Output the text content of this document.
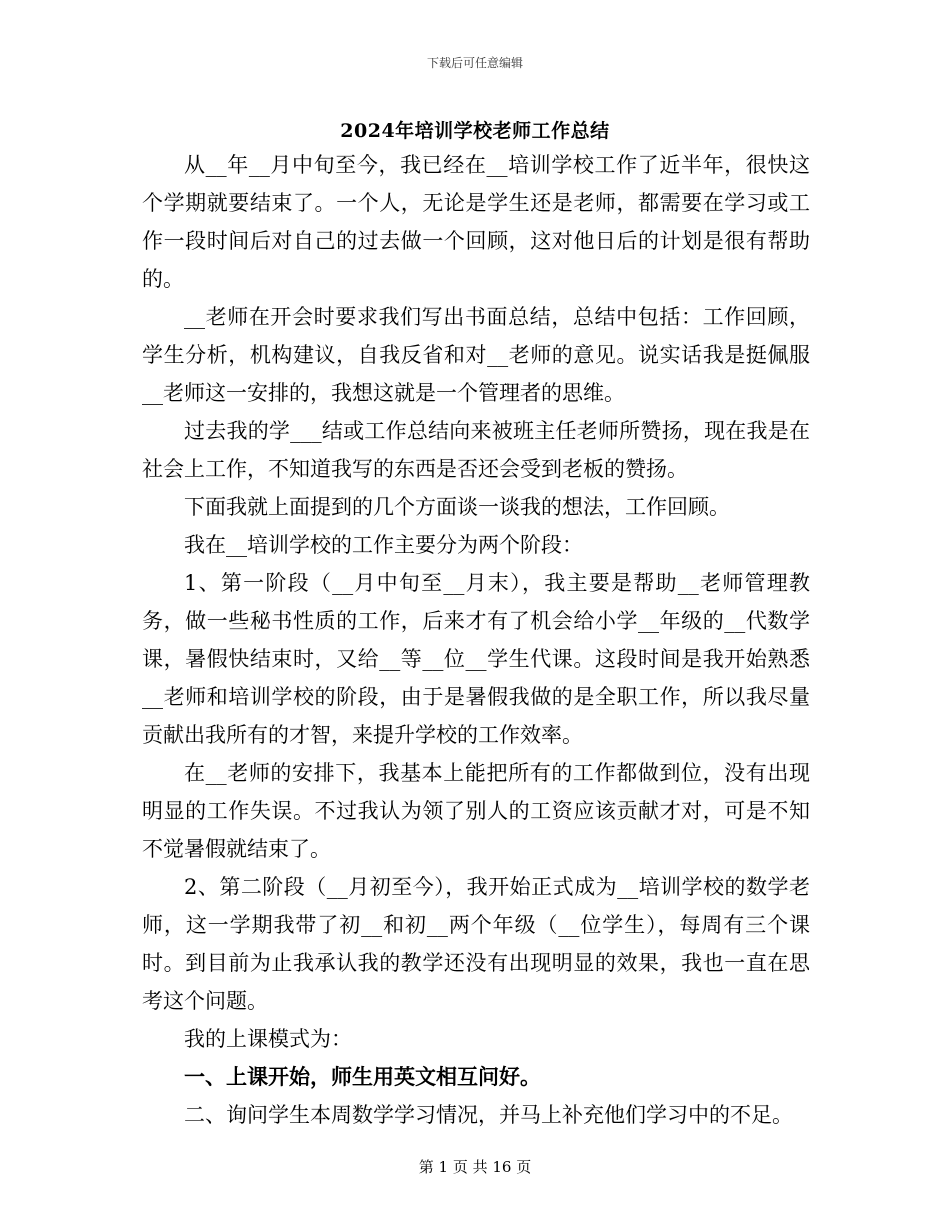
下载后可任意编辑
2024年培训学校老师工作总结

从__年__月中旬至今，我已经在__培训学校工作了近半年，很快这个学期就要结束了。一个人，无论是学生还是老师，都需要在学习或工作一段时间后对自己的过去做一个回顾，这对他日后的计划是很有帮助的。

__老师在开会时要求我们写出书面总结，总结中包括：工作回顾，学生分析，机构建议，自我反省和对__老师的意见。说实话我是挺佩服__老师这一安排的，我想这就是一个管理者的思维。

过去我的学___结或工作总结向来被班主任老师所赞扬，现在我是在社会上工作，不知道我写的东西是否还会受到老板的赞扬。

下面我就上面提到的几个方面谈一谈我的想法，工作回顾。

我在__培训学校的工作主要分为两个阶段：

1、第一阶段（__月中旬至__月末），我主要是帮助__老师管理教务，做一些秘书性质的工作，后来才有了机会给小学__年级的__代数学课，暑假快结束时，又给__等__位__学生代课。这段时间是我开始熟悉__老师和培训学校的阶段，由于是暑假我做的是全职工作，所以我尽量贡献出我所有的才智，来提升学校的工作效率。

在__老师的安排下，我基本上能把所有的工作都做到位，没有出现明显的工作失误。不过我认为领了别人的工资应该贡献才对，可是不知不觉暑假就结束了。

2、第二阶段（__月初至今），我开始正式成为__培训学校的数学老师，这一学期我带了初__和初__两个年级（__位学生），每周有三个课时。到目前为止我承认我的教学还没有出现明显的效果，我也一直在思考这个问题。

我的上课模式为：

一、上课开始，师生用英文相互问好。

二、询问学生本周数学学习情况，并马上补充他们学习中的不足。

第 1 页 共 16 页
